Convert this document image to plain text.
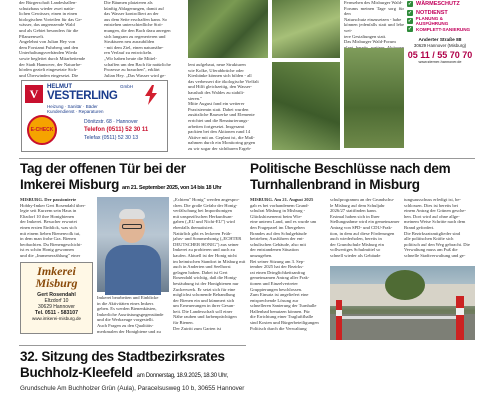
der Bürgerschaft Landeshallen-
schutzbaus wieder zwei natür-
lichen Gewässer, einen in einen
biologischen Vorteilen für das Ge-
wässer, das angrenzende Wald
und als Gebiet besonders für die
Pflanzenwelt.
Angelehnt von Julian Hey von
dem Forstamt Fuhrberg und den
Unterhaltungsverbänden Wieda
sowie begleitet durch Mitarbeitende
der Stadt Hannover, der Naturrbe-
hörden gezielt eingesetzte Sich-
und Überwinden eingesetzt. Die
Die Bäumen platzieren als
künftig Ablagerungen, damit auf
das Wasser kontrolliert an der
aus dem Seite erschaffen kann. So
entstehen unterschiedliche Strö-
mungen, die den Bach dazu anregen
sich langsam zu regenerieren und
Strukturen neu auszubilden
- mit dem Ziel, einen naturnähe-
ren Verlauf zu entwickeln.
„Wir haben heute die Mittel-
schaffen um den Bach für natürliche
Prozesse zu brauchen", erklärt
Julian Hey. „Das Wasser wird ge-
lent aufgebaut, neue Strukturen
wie Kolke, Uferabbrüche oder
Kiesbänke können sich bilden - all
das verbessert die ökologische Vielfalt
und Hilft gleichzeitig, den Wasser-
haushalt des Waldes zu stabili-
sieren."
Mitte August fand ein weiterer
Praxistermin statt. Dabei wurden
zusätzliche Bauwerke und Elemente
errichtet und die Renaturierungs-
arbeiten fortgesetzt. Insgesamt
packten bei den Aktionen rund 14
Aktive mit an. Geplant ist, die Maß-
nahmen durch ein Monitoring gegen
zu wir sogar der sichtbaren Ergeb-
Fernsehen des Misburger Wald-
Forums meinen Tage sorg für den
Naturschutz einzusetzen - habe
können jedenfalls statt und lebe wei-
tere Gestaltungen statt.
Das Misburger Wald-Forum
✓ WÄRMESCHUTZ
✓ NOTDIENST
✓ PLANUNG & AUSFÜHRUNG
✓ KOMPLETT-SANIERUNG
Anderter Straße 88
30629 Hannover (Misburg)
05 11 / 55 70 70
www.sterner-hannover.de
V	HELMUT
VESTERLING
GmbH
Heizung · Sanitär · Bäder
Kundendienst · Reparaturen
E-CHECK
Dönitzstr. 68 · Hannover
Telefon (0511) 52 30 11
Telefax (0511) 52 30 13
Tag der offenen Tür bei der
Imkerei Misburg am 21. September 2025, von 14 bis 18 Uhr
MISBURG. Der passionierte
Hobby-Imker Gert Rosendahl über-
legte seit Kurzem sein Haus in
Eltzdorf 10 ihre Honigbienen
der Imkerei. Besucher erwartet
einen ersten Einblick, was sich
mit einem lieben Bienenvolk tut,
in dem man frohe Gra. Bienen
beobachten. Du Bienengeschicht-
ist es schön Honig gewonnen
und die „Immenerzählung" einer
Imkerei
Misburg
Gert Rosendahl
Eltzdorf 10
30629 Hannover
Tel. 0511 - 583107
www.imkerei-misburg.de
Imkerei bearbeiten und Einblicke
in die Aktivitäten eines Imkers
geben. Es werden Bienenkästen,
Imkerliche Ausrüstungsgegenstände
und die Werkzeuge vorgestellt.
Auch Fragen zu den Qualitäts-
merkmalen der Honigbiene und zu
„Echtem" Honig" werden angespro-
chen. Die große Gefahr der Honig-
verfälschung bei Importhonigen
mit unspezifischen Herkunftsan-
gaben („EU und Nicht-EU") wird
ebenfalls thematisiert.
Natürlich gibt es leckeren Früh-
jahrs- und Sommerhonig („ECHTER
DEUTSCHER HONIG") aus seiner
Imkerei zu probieren und auch zu
kaufen. Aktuell ist der Honig nicht
im heimischen Standort in Misburg mit
auch in Anderten und Seelhorst
gelagen haben. Dabei ist Gert
Rosendahl wichtig, daß die Honig-
bestäubung ist der Honigbienen nur
Zuckerwerk. Er setzt sich für eine
möglichst schonende Behandlung
der Bienen ein und kümmert sich
um Erneuerungen in ihrer Gesun-
heit. Die Landesschaft soll einer
Nähe rauben und farbenprächtigen
für Bienen.
Der Zutritt zum Garten ist
Politische Beschlüsse nach dem
Turnhallenbrand in Misburg
MISBURG. Am 21. August 2025
gab es bei vorhandenem Grund-
schulrat Misburg in Misburg -
Glückshirsenenst beim Wie-
eine unterm Land, und es wurde um
den Frageparel im Übergehen
Brandes auf den Schulgebäude
betrieben; Ausführen der ent-
schulischen Gebäude, also mit
der entstandenen Situation
umzugehen.
Bei seiner Sitzung am 3. Sep-
tember 2025 hat der Bezirks-
rat einen Dringlichkeitsanfrag
gemeinsamen Antrag aller Frak-
tionen und Einzelvertreter
Gruppierungen beschlossen.
Zum Einsatz ist angeliefert eine
entsprechende Lösung zur
schnelleren Sanierung der Turnhalle
Hallenbad benutzen können. Für
die Errichtung einer Tragluftfhalle
sind Kosten und Bürgerbeteiligungen
Politisch durch die Verwaltung
schulprogramm an der Grundschu-
le Misburg auf dem Schuljahr
2026/27 stattfinden kann.
Erstmal haben sich in Ihrer
Stellungnahme wird ein gemeinsamer
Antrag von SPD- und CDU-Frak-
tion, in dem auf diese Förderungen
auch wiederholen, bereits in
der Grundschule Misburg ein
vollwertiges Schulmittel so
schnell wieder als Gebäude
tungsausschuss erledigt ist, be-
schlossen. Dies ist bereits bei
einem Antrag der Grünen gesche-
hen. Dort wird auf ohne allge-
meinem Weise Schritte nach dem
Brand gefordert.
Die Bezirksratsmitglieder sind
alle politischen Kräfte sich
politisch auf den Weg gebracht. Die
Verwaltung muss am Fuß die
schnelle Stadtverwaltung und ge-
32. Sitzung des Stadtbezirksrates
Buchholz-Kleefeld am Donnerstag, 18.9.2025, 18.30 Uhr,
Grundschule Am Buchholzer Grün (Aula), Paracelsusweg 10 b, 30655 Hannover
